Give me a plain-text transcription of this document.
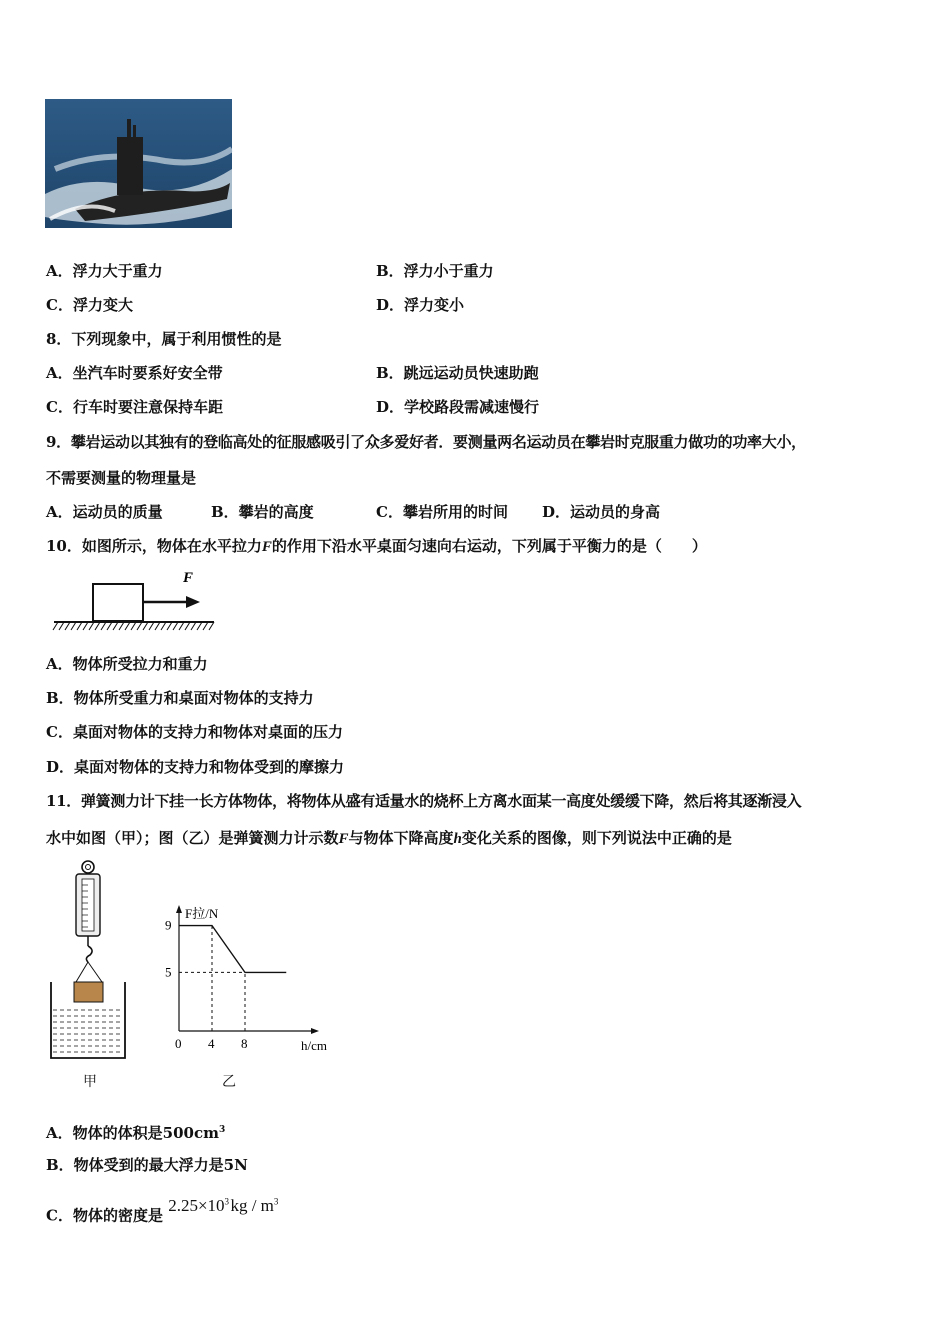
A．浮力大于重力	B．浮力小于重力
C．浮力变大	D．浮力变小
8．下列现象中，属于利用惯性的是
A．坐汽车时要系好安全带	B．跳远运动员快速助跑
C．行车时要注意保持车距	D．学校路段需减速慢行
9．攀岩运动以其独有的登临高处的征服感吸引了众多爱好者．要测量两名运动员在攀岩时克服重力做功的功率大小，
不需要测量的物理量是
A．运动员的质量	B．攀岩的高度	C．攀岩所用的时间 D．运动员的身高
10．如图所示，物体在水平拉力F的作用下沿水平桌面匀速向右运动，下列属于平衡力的是（　　）
F
A．物体所受拉力和重力
B．物体所受重力和桌面对物体的支持力
C．桌面对物体的支持力和物体对桌面的压力
D．桌面对物体的支持力和物体受到的摩擦力
11．弹簧测力计下挂一长方体物体，将物体从盛有适量水的烧杯上方离水面某一高度处缓缓下降，然后将其逐渐浸入
水中如图（甲）；图（乙）是弹簧测力计示数F与物体下降高度h变化关系的图像，则下列说法中正确的是
甲
F拉/N
h/cm
0 4 8
5
9
乙
A．物体的体积是$500cm^3$
B．物体受到的最大浮力是5N
C．物体的密度是 $2.25\times 10^3$ kg / $m^3$
